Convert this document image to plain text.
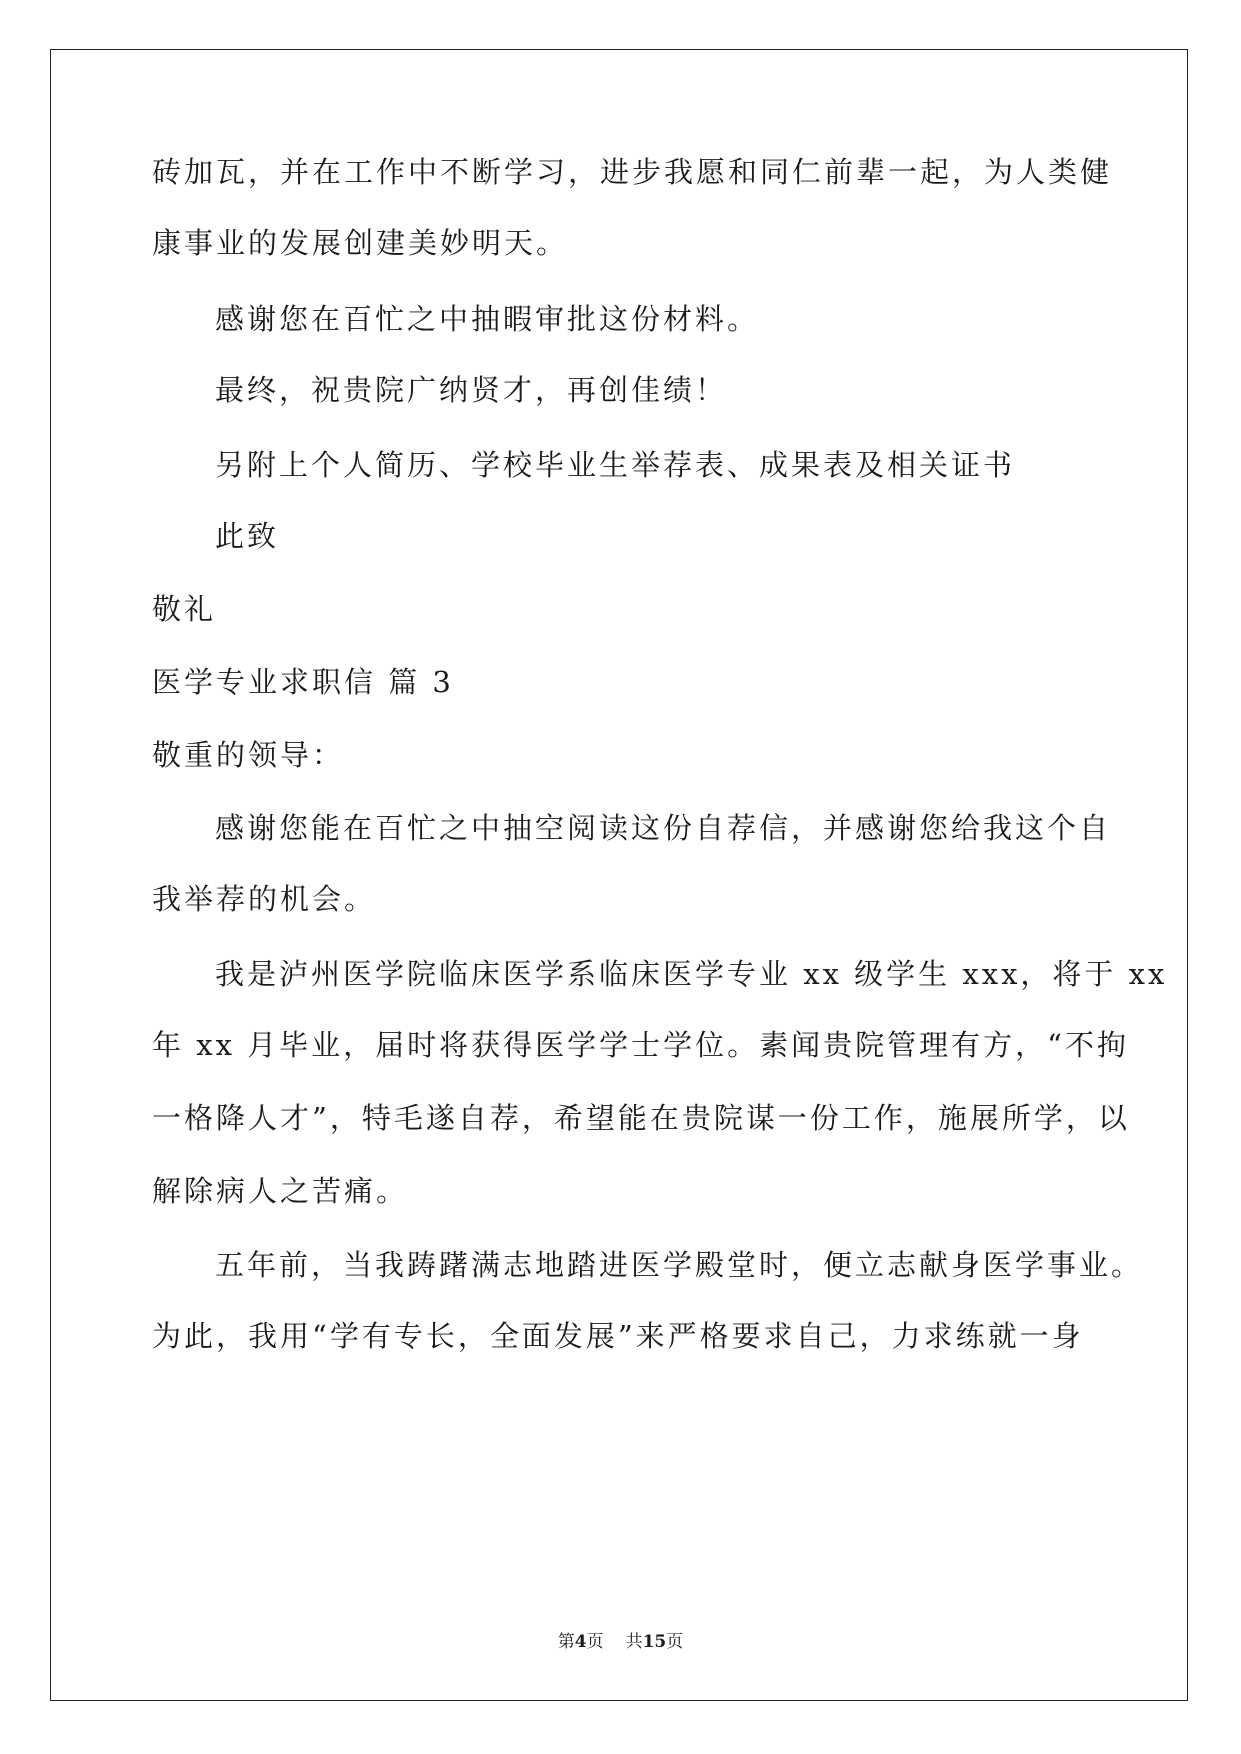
砖加瓦，并在工作中不断学习，进步我愿和同仁前辈一起，为人类健
康事业的发展创建美妙明天。
感谢您在百忙之中抽暇审批这份材料。
最终，祝贵院广纳贤才，再创佳绩！
另附上个人简历、学校毕业生举荐表、成果表及相关证书
此致
敬礼
医学专业求职信 篇 3
敬重的领导：
感谢您能在百忙之中抽空阅读这份自荐信，并感谢您给我这个自
我举荐的机会。
我是泸州医学院临床医学系临床医学专业 xx 级学生 xxx，将于 xx
年 xx 月毕业，届时将获得医学学士学位。素闻贵院管理有方，“不拘
一格降人才”，特毛遂自荐，希望能在贵院谋一份工作，施展所学，以
解除病人之苦痛。
五年前，当我踌躇满志地踏进医学殿堂时，便立志献身医学事业。
为此，我用“学有专长，全面发展”来严格要求自己，力求练就一身
第4页 共15页
